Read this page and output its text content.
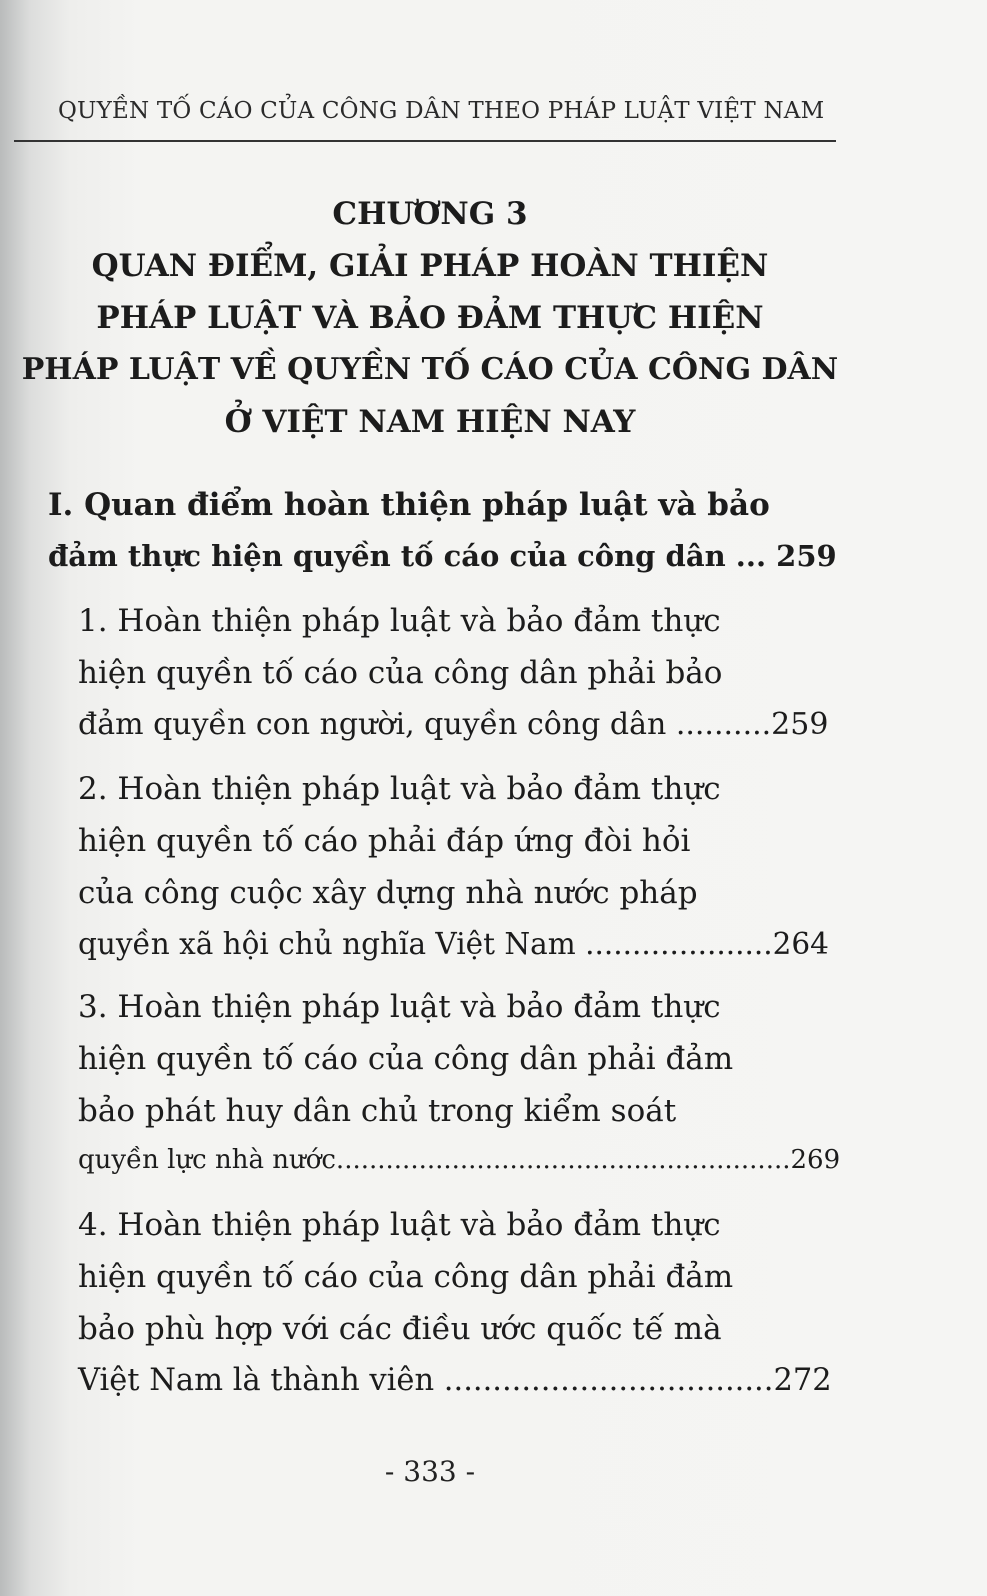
QUYỀN TỐ CÁO CỦA CÔNG DÂN THEO PHÁP LUẬT VIỆT NAM
CHƯƠNG 3
QUAN ĐIỂM, GIẢI PHÁP HOÀN THIỆN
PHÁP LUẬT VÀ BẢO ĐẢM THỰC HIỆN
PHÁP LUẬT VỀ QUYỀN TỐ CÁO CỦA CÔNG DÂN
Ở VIỆT NAM HIỆN NAY
I. Quan điểm hoàn thiện pháp luật và bảo
đảm thực hiện quyền tố cáo của công dân ... 259
1. Hoàn thiện pháp luật và bảo đảm thực
hiện quyền tố cáo của công dân phải bảo
đảm quyền con người, quyền công dân ..........259
2. Hoàn thiện pháp luật và bảo đảm thực
hiện quyền tố cáo phải đáp ứng đòi hỏi
của công cuộc xây dựng nhà nước pháp
quyền xã hội chủ nghĩa Việt Nam ....................264
3. Hoàn thiện pháp luật và bảo đảm thực
hiện quyền tố cáo của công dân phải đảm
bảo phát huy dân chủ trong kiểm soát
quyền lực nhà nước.......................................................269
4. Hoàn thiện pháp luật và bảo đảm thực
hiện quyền tố cáo của công dân phải đảm
bảo phù hợp với các điều ước quốc tế mà
Việt Nam là thành viên ..................................272
- 333 -
